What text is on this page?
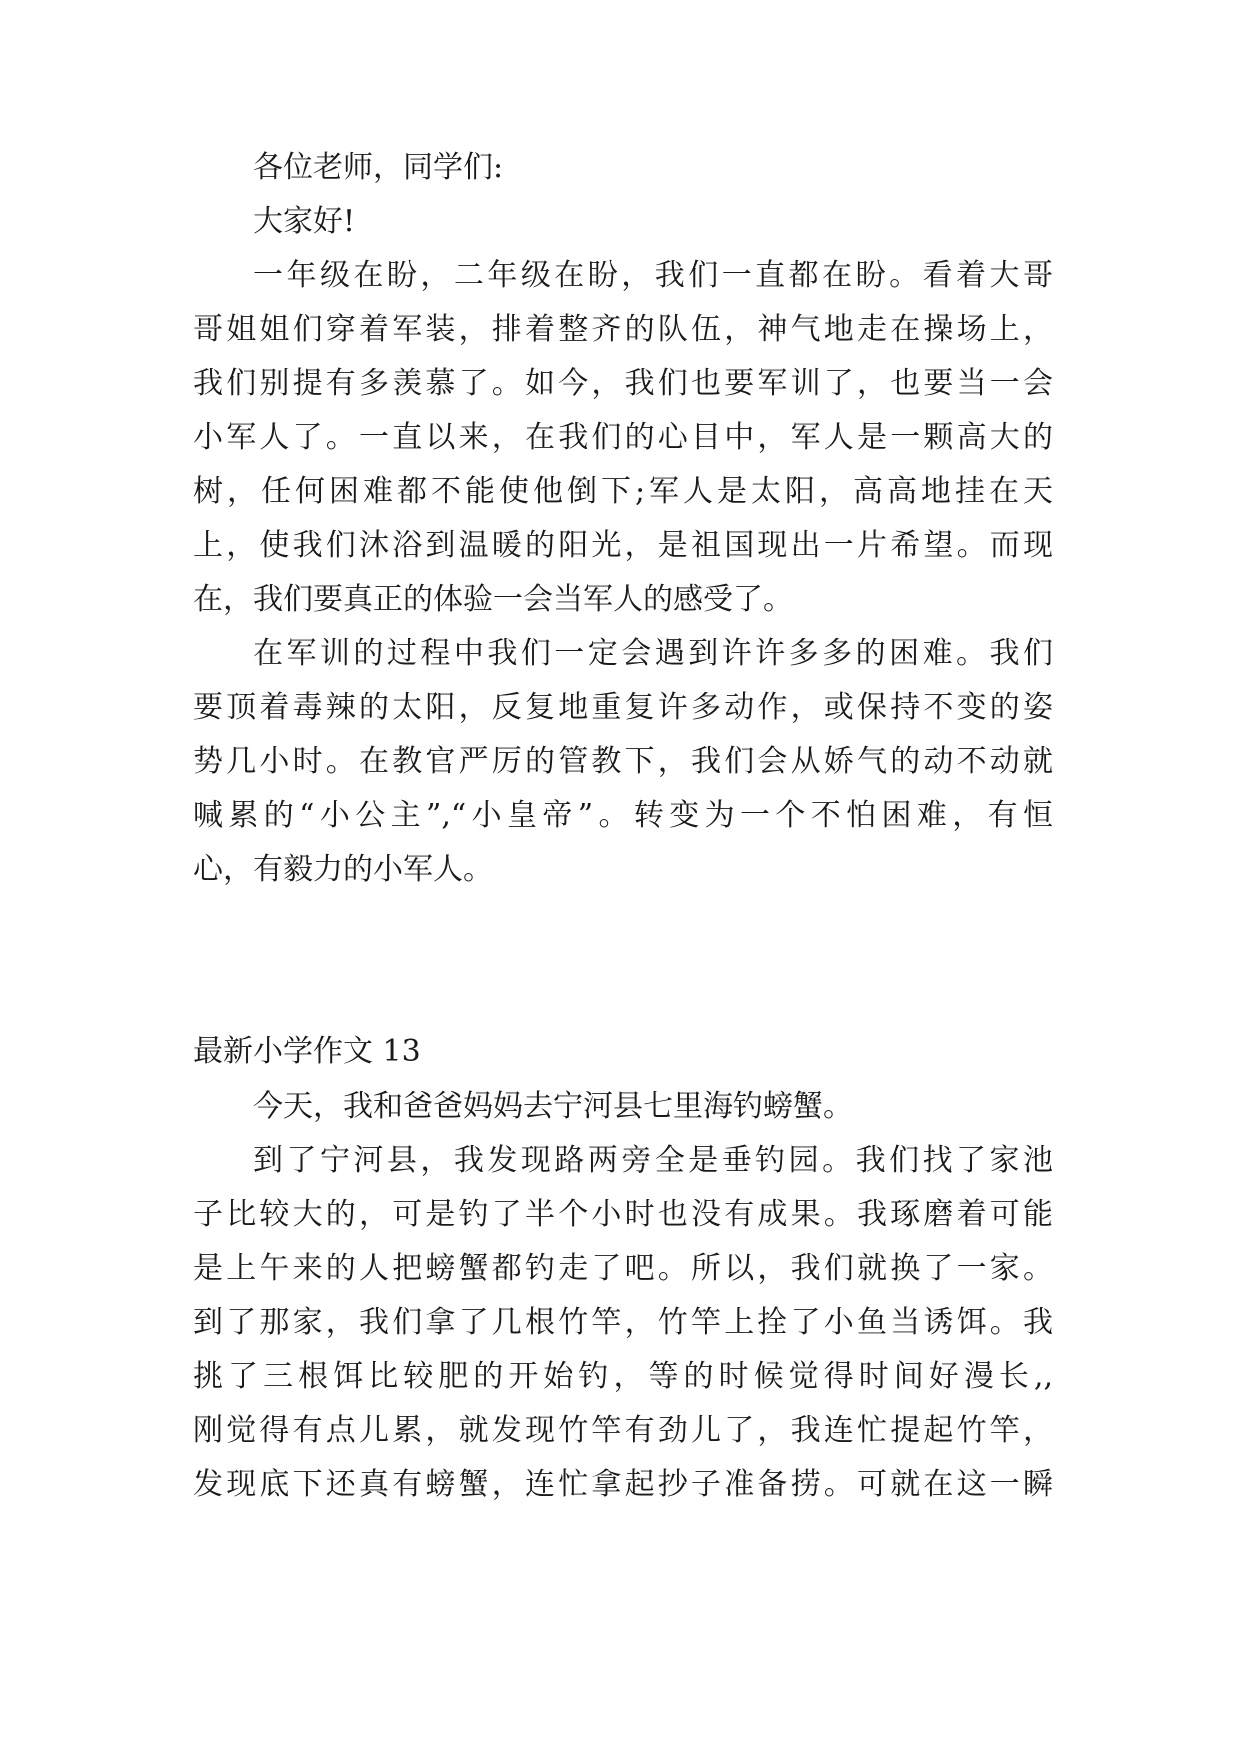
各位老师，同学们:
大家好!
一年级在盼，二年级在盼，我们一直都在盼。看着大哥
哥姐姐们穿着军装，排着整齐的队伍，神气地走在操场上，
我们别提有多羡慕了。如今，我们也要军训了，也要当一会
小军人了。一直以来，在我们的心目中，军人是一颗高大的
树，任何困难都不能使他倒下;军人是太阳，高高地挂在天
上，使我们沐浴到温暖的阳光，是祖国现出一片希望。而现
在，我们要真正的体验一会当军人的感受了。
在军训的过程中我们一定会遇到许许多多的困难。我们
要顶着毒辣的太阳，反复地重复许多动作，或保持不变的姿
势几小时。在教官严厉的管教下，我们会从娇气的动不动就
喊累的“小公主”,“小皇帝”。转变为一个不怕困难，有恒
心，有毅力的小军人。
最新小学作文 13
今天，我和爸爸妈妈去宁河县七里海钓螃蟹。
到了宁河县，我发现路两旁全是垂钓园。我们找了家池
子比较大的，可是钓了半个小时也没有成果。我琢磨着可能
是上午来的人把螃蟹都钓走了吧。所以，我们就换了一家。
到了那家，我们拿了几根竹竿，竹竿上拴了小鱼当诱饵。我
挑了三根饵比较肥的开始钓，等的时候觉得时间好漫长,,
刚觉得有点儿累，就发现竹竿有劲儿了，我连忙提起竹竿，
发现底下还真有螃蟹，连忙拿起抄子准备捞。可就在这一瞬
